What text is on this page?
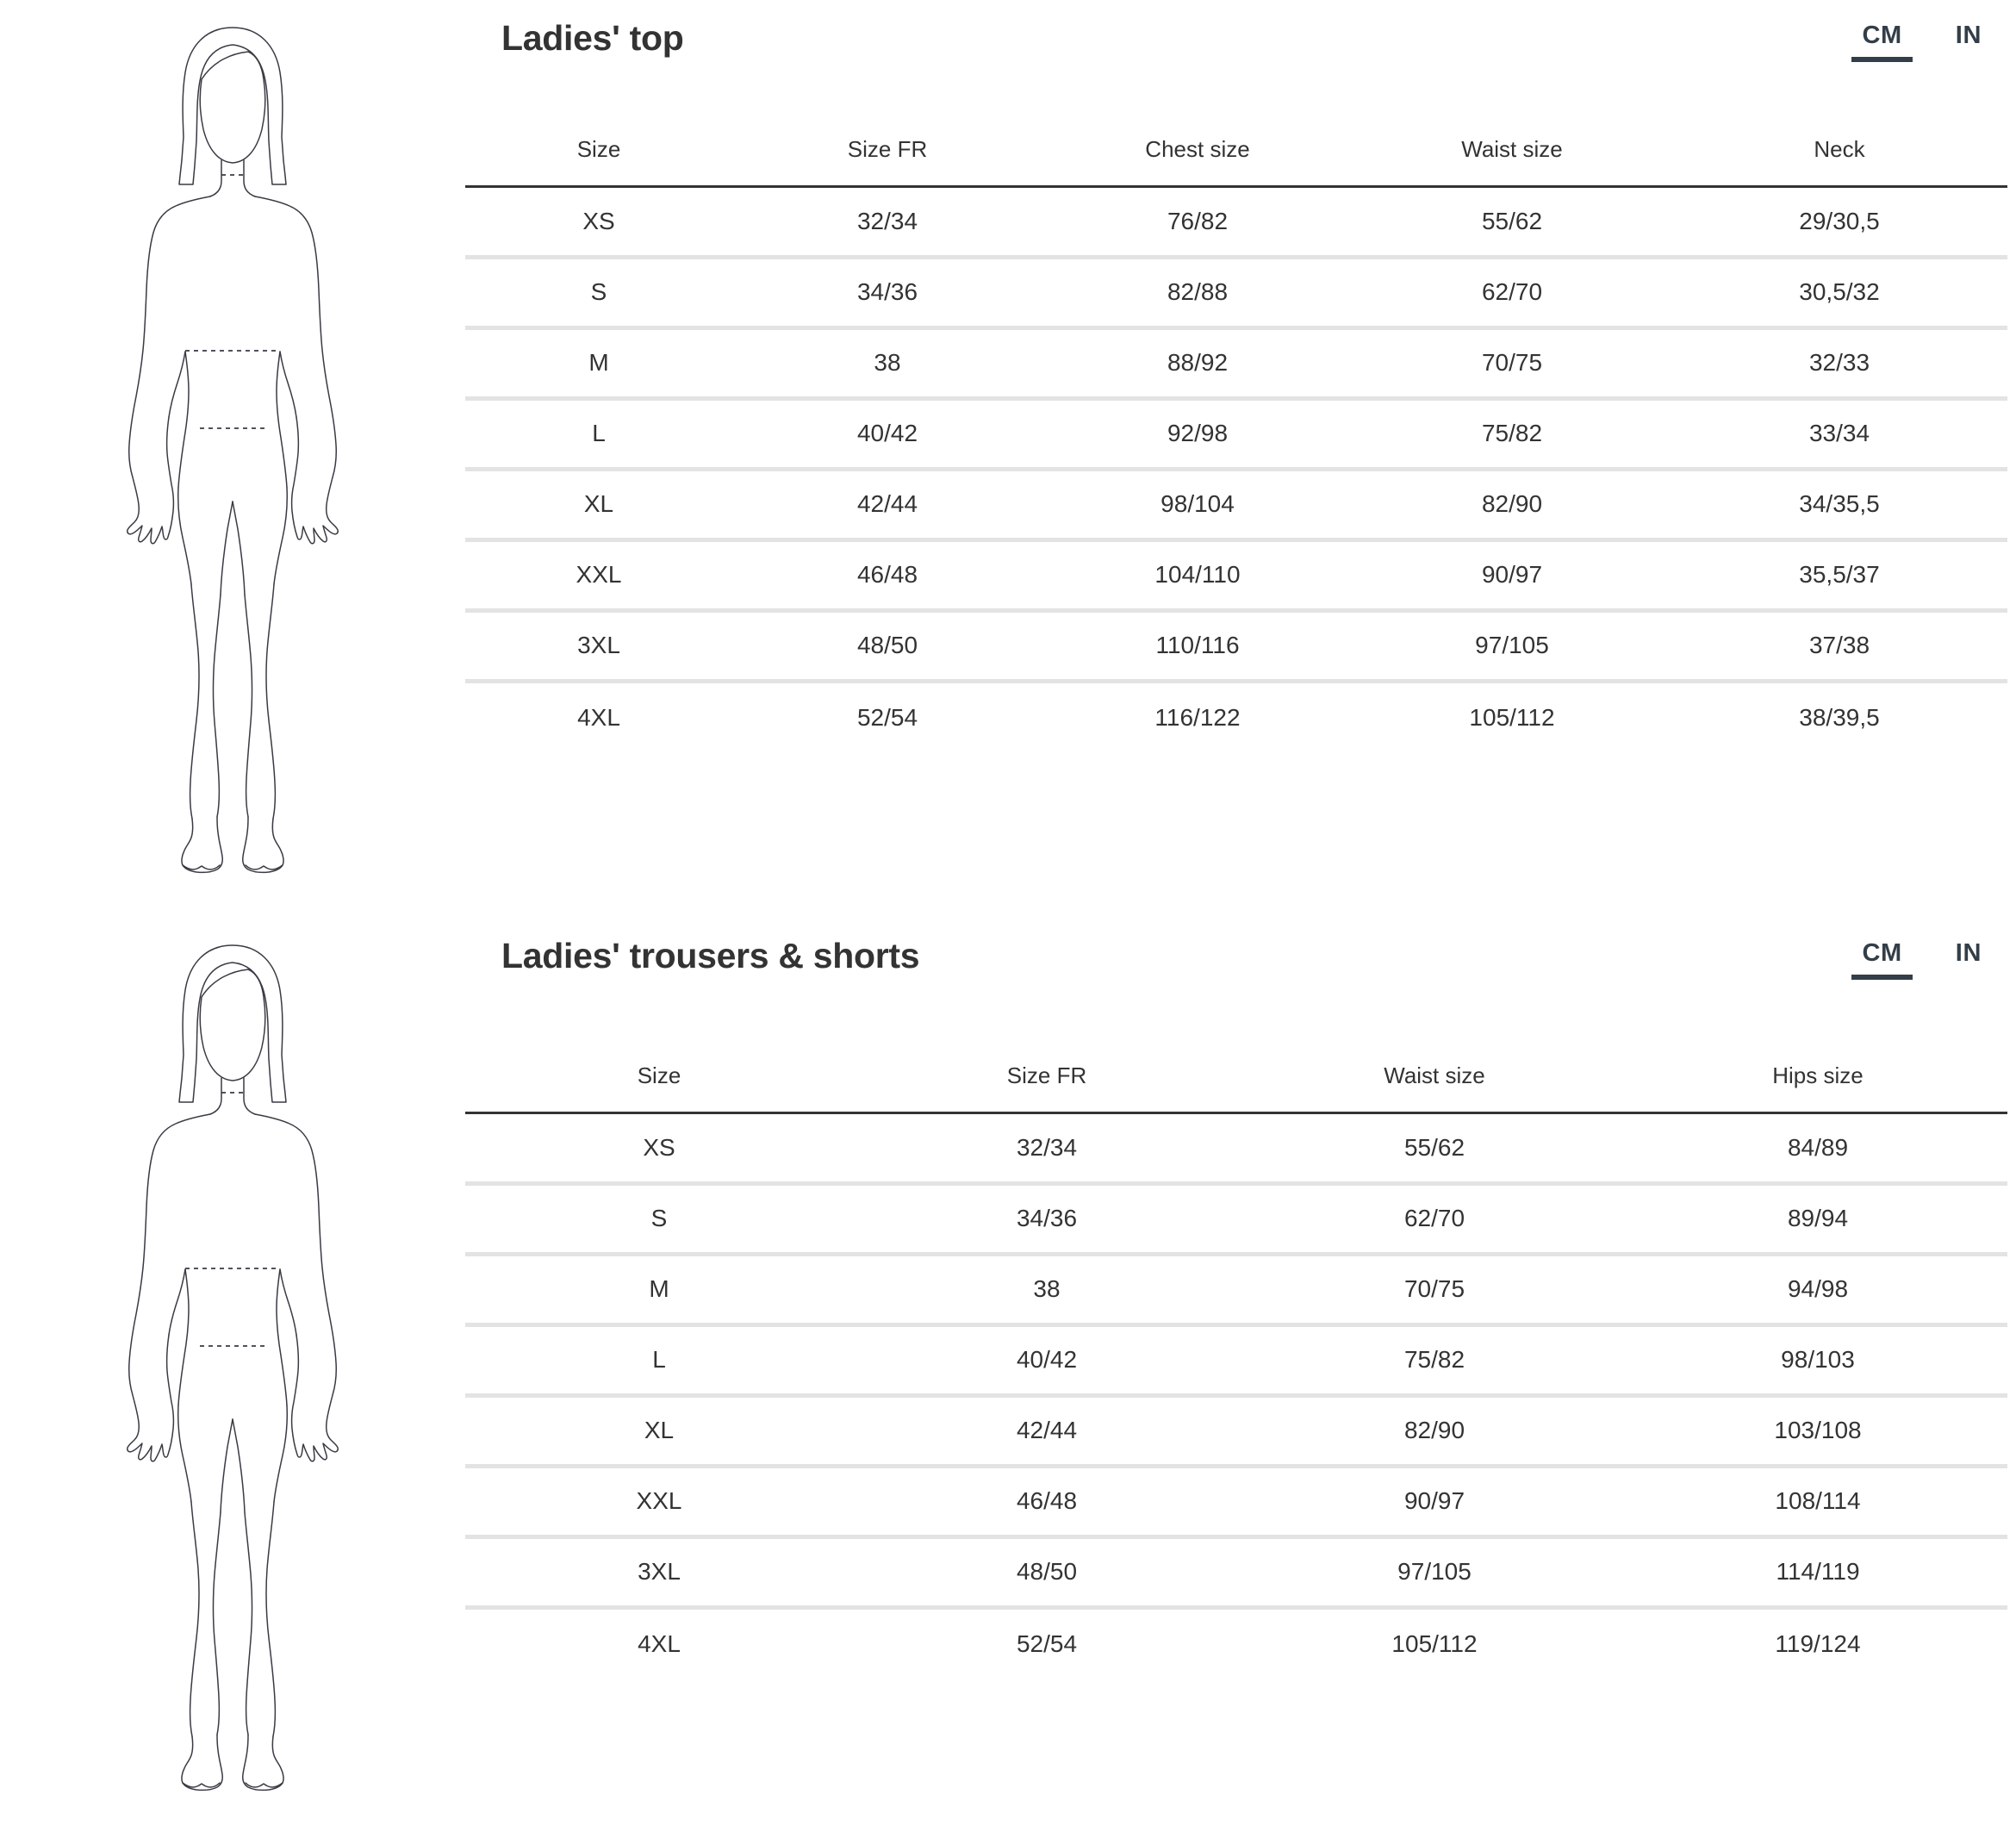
Ladies' top	CM IN
Size	Size FR	Chest size	Waist size	Neck
XS	32/34	76/82	55/62	29/30,5
S	34/36	82/88	62/70	30,5/32
M	38	88/92	70/75	32/33
L	40/42	92/98	75/82	33/34
XL	42/44	98/104	82/90	34/35,5
XXL	46/48	104/110	90/97	35,5/37
3XL	48/50	110/116	97/105	37/38
4XL	52/54	116/122	105/112	38/39,5
Ladies' trousers & shorts	CM IN
Size	Size FR	Waist size	Hips size
XS	32/34	55/62	84/89
S	34/36	62/70	89/94
M	38	70/75	94/98
L	40/42	75/82	98/103
XL	42/44	82/90	103/108
XXL	46/48	90/97	108/114
3XL	48/50	97/105	114/119
4XL	52/54	105/112	119/124
